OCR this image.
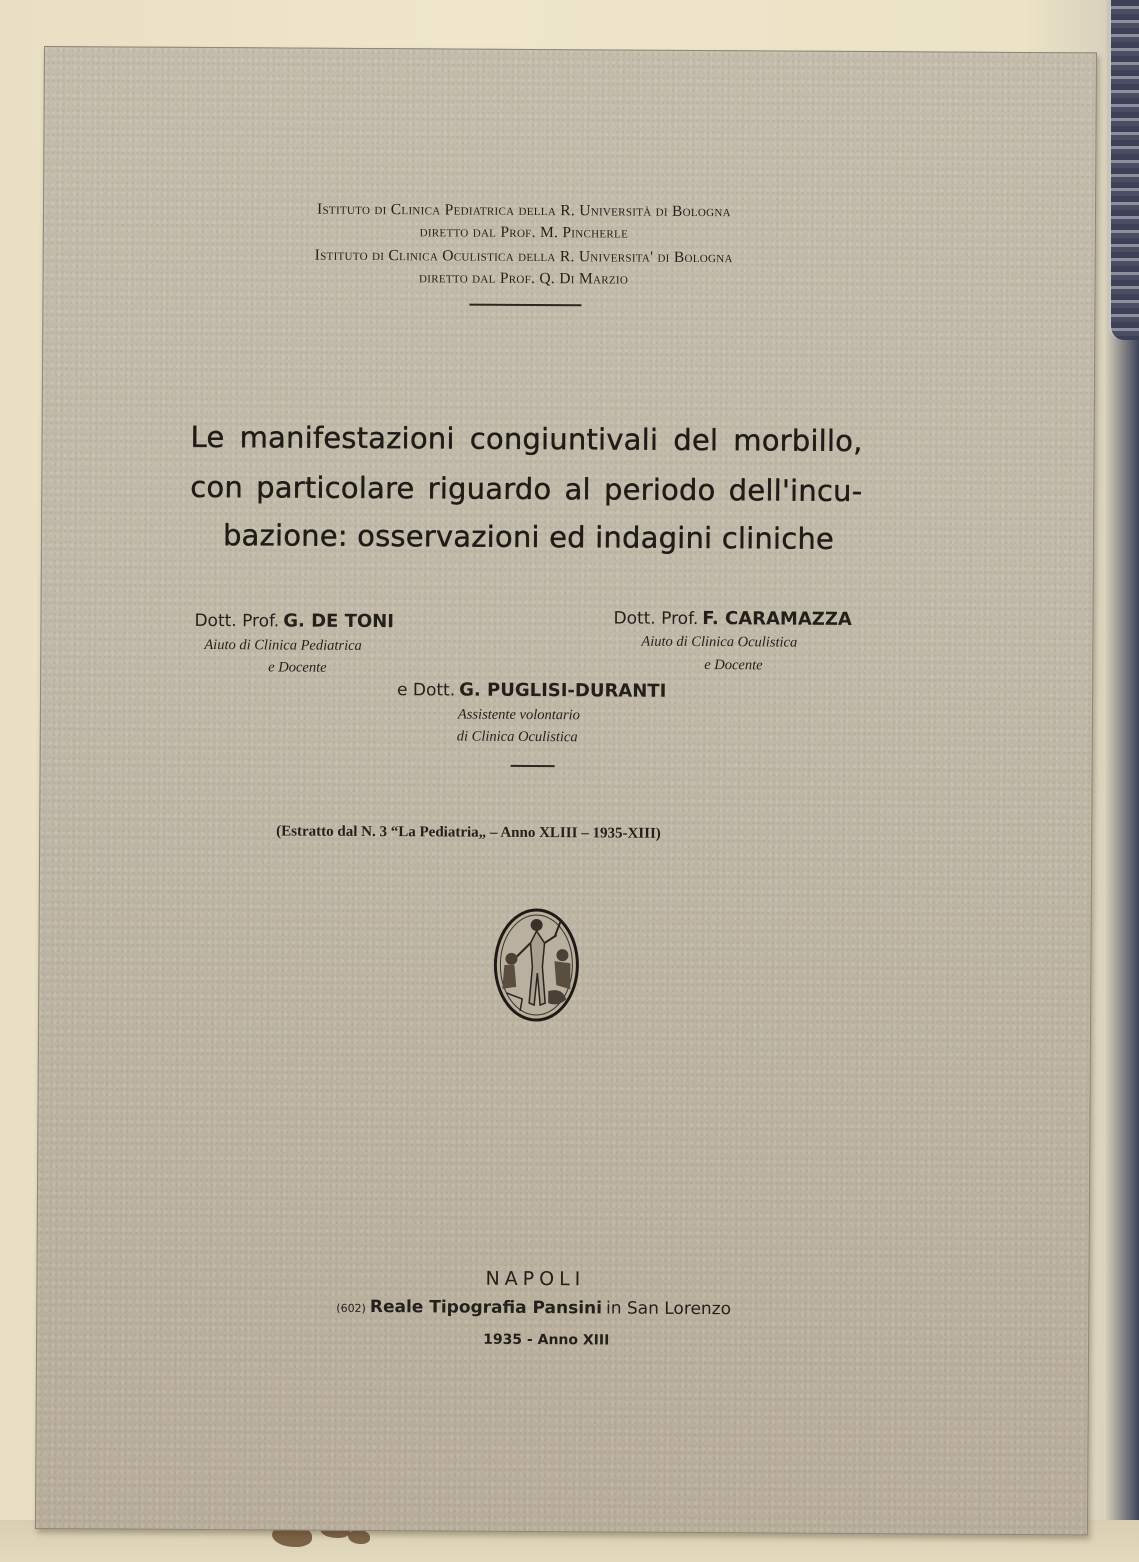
Istituto di Clinica Pediatrica della R. Università di Bologna
diretto dal Prof. M. Pincherle
Istituto di Clinica Oculistica della R. Universita' di Bologna
diretto dal Prof. Q. Di Marzio
Le manifestazioni congiuntivali del morbillo,
con particolare riguardo al periodo dell'incu-
bazione: osservazioni ed indagini cliniche
Dott. Prof. G. DE TONI
Aiuto di Clinica Pediatrica
e Docente
Dott. Prof. F. CARAMAZZA
Aiuto di Clinica Oculistica
e Docente
e Dott. G. PUGLISI-DURANTI
Assistente volontario
di Clinica Oculistica
(Estratto dal N. 3 “La Pediatria„ – Anno XLIII – 1935-XIII)
NAPOLI
(602) Reale Tipografia Pansini in San Lorenzo
1935 - Anno XIII
